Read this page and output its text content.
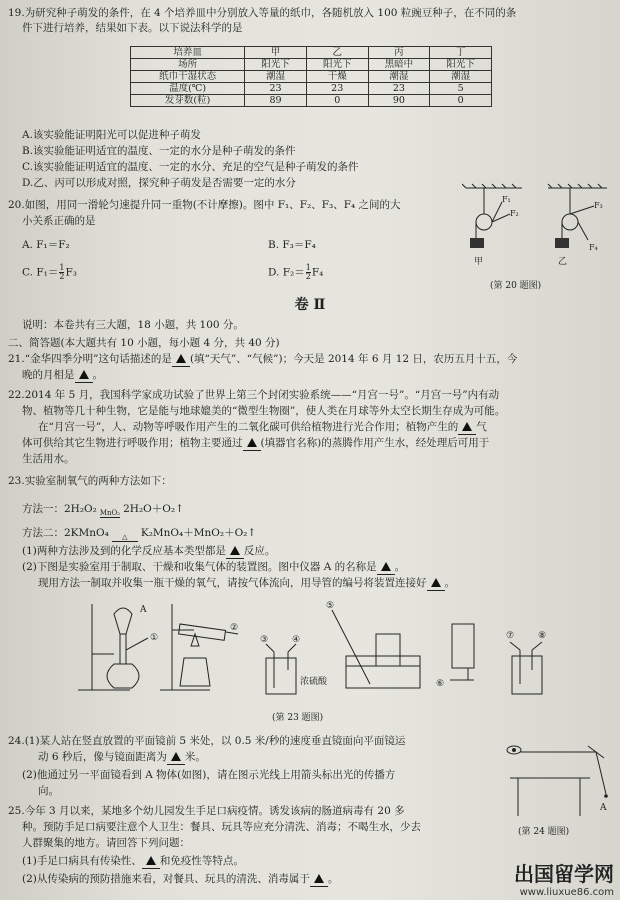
19.为研究种子萌发的条件，在 4 个培养皿中分别放入等量的纸巾，各随机放入 100 粒豌豆种子，在不同的条
件下进行培养，结果如下表。以下说法科学的是
培养皿	甲	乙	丙	丁
场所	阳光下	阳光下	黑暗中	阳光下
纸巾干湿状态	潮湿	干燥	潮湿	潮湿
温度(℃)	23	23	23	5
发芽数(粒)	89	0	90	0
A.该实验能证明阳光可以促进种子萌发
B.该实验能证明适宜的温度、一定的水分是种子萌发的条件
C.该实验能证明适宜的温度、一定的水分、充足的空气是种子萌发的条件
D.乙、丙可以形成对照，探究种子萌发是否需要一定的水分
20.如图，用同一滑轮匀速提升同一重物(不计摩擦)。图中 F₁、F₂、F₃、F₄ 之间的大
小关系正确的是
A. F₁＝F₂	B. F₃＝F₄
C. $F_1= \frac{1}{2} F_3$	D. $F_2= \frac{1}{2} F_4$
F₁
F₂
F₃
F₄
甲	乙
(第 20 题图)
卷 Ⅱ
说明：本卷共有三大题，18 小题，共 100 分。
二、简答题(本大题共有 10 小题，每小题 4 分，共 40 分)
21.“金华四季分明”这句话描述的是 (填“天气”、“气候”)；今天是 2014 年 6 月 12 日，农历五月十五，今
晚的月相是 。
22.2014 年 5 月，我国科学家成功试验了世界上第三个封闭实验系统——“月宫一号”。“月宫一号”内有动
物、植物等几十种生物，它是能与地球媲美的“微型生物圈”，使人类在月球等外太空长期生存成为可能。
在“月宫一号”，人、动物等呼吸作用产生的二氧化碳可供给植物进行光合作用；植物产生的 气
体可供给其它生物进行呼吸作用；植物主要通过 (填器官名称)的蒸腾作用产生水，经处理后可用于
生活用水。
23.实验室制氧气的两种方法如下：
方法一：2H₂O₂ MnO₂ 2H₂O＋O₂↑
方法二：2KMnO₄	△	K₂MnO₄＋MnO₂＋O₂↑
(1)两种方法涉及到的化学反应基本类型都是 反应。
(2)下图是实验室用于制取、干燥和收集气体的装置图。图中仪器 A 的名称是 。
现用方法一制取并收集一瓶干燥的氧气，请按气体流向，用导管的编号将装置连接好 。
A
①
②
③	④
⑤
⑥
⑦	⑧
浓硫酸
(第 23 题图)
24.(1)某人站在竖直放置的平面镜前 5 米处，以 0.5 米/秒的速度垂直镜面向平面镜运
动 6 秒后，像与镜面距离为 米。
(2)他通过另一平面镜看到 A 物体(如图)，请在图示光线上用箭头标出光的传播方
向。
A
(第 24 题图)
25.今年 3 月以来，某地多个幼儿园发生手足口病疫情。诱发该病的肠道病毒有 20 多
种。预防手足口病要注意个人卫生：餐具、玩具等应充分清洗、消毒；不喝生水，少去
人群聚集的地方。请回答下列问题：
(1)手足口病具有传染性、 和免疫性等特点。
(2)从传染病的预防措施来看，对餐具、玩具的清洗、消毒属于 。	出国留学网
www.liuxue86.com
